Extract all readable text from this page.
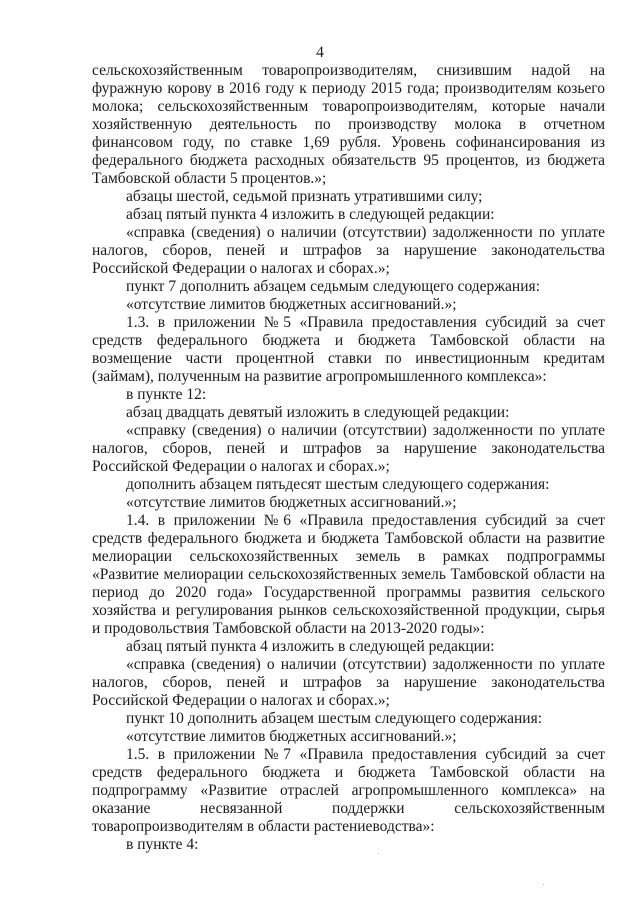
4

сельскохозяйственным товаропроизводителям, снизившим надой на фуражную корову в 2016 году к периоду 2015 года; производителям козьего молока; сельскохозяйственным товаропроизводителям, которые начали хозяйственную деятельность по производству молока в отчетном финансовом году, по ставке 1,69 рубля. Уровень софинансирования из федерального бюджета расходных обязательств 95 процентов, из бюджета Тамбовской области 5 процентов.»;

абзацы шестой, седьмой признать утратившими силу;

абзац пятый пункта 4 изложить в следующей редакции:

«справка (сведения) о наличии (отсутствии) задолженности по уплате налогов, сборов, пеней и штрафов за нарушение законодательства Российской Федерации о налогах и сборах.»;

пункт 7 дополнить абзацем седьмым следующего содержания:

«отсутствие лимитов бюджетных ассигнований.»;

1.3. в приложении №5 «Правила предоставления субсидий за счет средств федерального бюджета и бюджета Тамбовской области на возмещение части процентной ставки по инвестиционным кредитам (займам), полученным на развитие агропромышленного комплекса»:

в пункте 12:

абзац двадцать девятый изложить в следующей редакции:

«справку (сведения) о наличии (отсутствии) задолженности по уплате налогов, сборов, пеней и штрафов за нарушение законодательства Российской Федерации о налогах и сборах.»;

дополнить абзацем пятьдесят шестым следующего содержания:

«отсутствие лимитов бюджетных ассигнований.»;

1.4. в приложении №6 «Правила предоставления субсидий за счет средств федерального бюджета и бюджета Тамбовской области на развитие мелиорации сельскохозяйственных земель в рамках подпрограммы «Развитие мелиорации сельскохозяйственных земель Тамбовской области на период до 2020 года» Государственной программы развития сельского хозяйства и регулирования рынков сельскохозяйственной продукции, сырья и продовольствия Тамбовской области на 2013-2020 годы»:

абзац пятый пункта 4 изложить в следующей редакции:

«справка (сведения) о наличии (отсутствии) задолженности по уплате налогов, сборов, пеней и штрафов за нарушение законодательства Российской Федерации о налогах и сборах.»;

пункт 10 дополнить абзацем шестым следующего содержания:

«отсутствие лимитов бюджетных ассигнований.»;

1.5. в приложении №7 «Правила предоставления субсидий за счет средств федерального бюджета и бюджета Тамбовской области на подпрограмму «Развитие отраслей агропромышленного комплекса» на оказание несвязанной поддержки сельскохозяйственным товаропроизводителям в области растениеводства»:

в пункте 4:
